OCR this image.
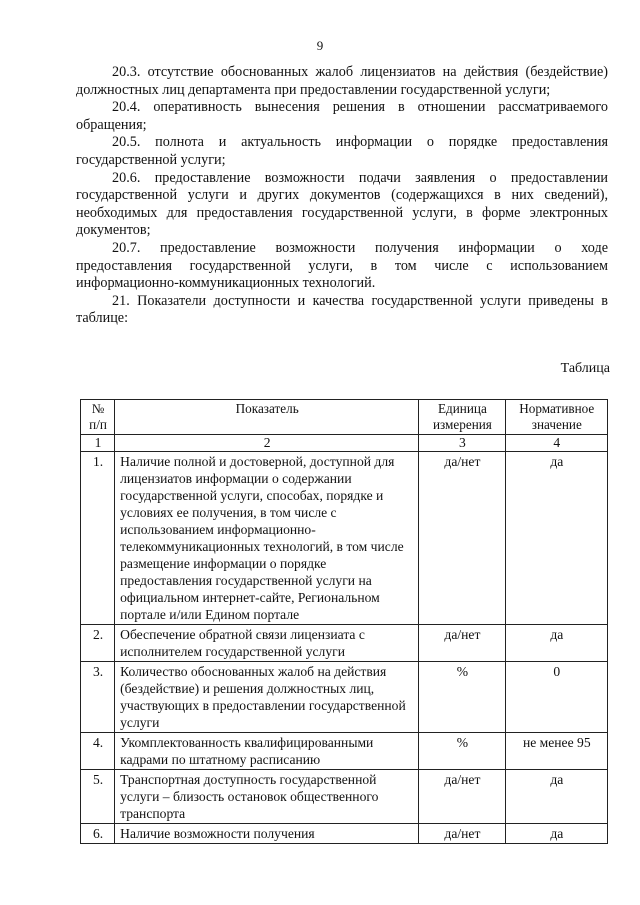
9

20.3. отсутствие обоснованных жалоб лицензиатов на действия (бездействие) должностных лиц департамента при предоставлении государственной услуги;

20.4. оперативность вынесения решения в отношении рассматриваемого обращения;

20.5. полнота и актуальность информации о порядке предоставления государственной услуги;

20.6. предоставление возможности подачи заявления о предоставлении государственной услуги и других документов (содержащихся в них сведений), необходимых для предоставления государственной услуги, в форме электронных документов;

20.7. предоставление возможности получения информации о ходе предоставления государственной услуги, в том числе с использованием информационно-коммуникационных технологий.

21. Показатели доступности и качества государственной услуги приведены в таблице:

Таблица
№ п/п	Показатель	Единица измерения	Нормативное значение
1	2	3	4
1.	Наличие полной и достоверной, доступной для лицензиатов информации о содержании государственной услуги, способах, порядке и условиях ее получения, в том числе с использованием информационно-телекоммуникационных технологий, в том числе размещение информации о порядке предоставления государственной услуги на официальном интернет-сайте, Региональном портале и/или Едином портале	да/нет	да
2.	Обеспечение обратной связи лицензиата с исполнителем государственной услуги	да/нет	да
3.	Количество обоснованных жалоб на действия (бездействие) и решения должностных лиц, участвующих в предоставлении государственной услуги	%	0
4.	Укомплектованность квалифицированными кадрами по штатному расписанию	%	не менее 95
5.	Транспортная доступность государственной услуги – близость остановок общественного транспорта	да/нет	да
6.	Наличие возможности получения	да/нет	да
